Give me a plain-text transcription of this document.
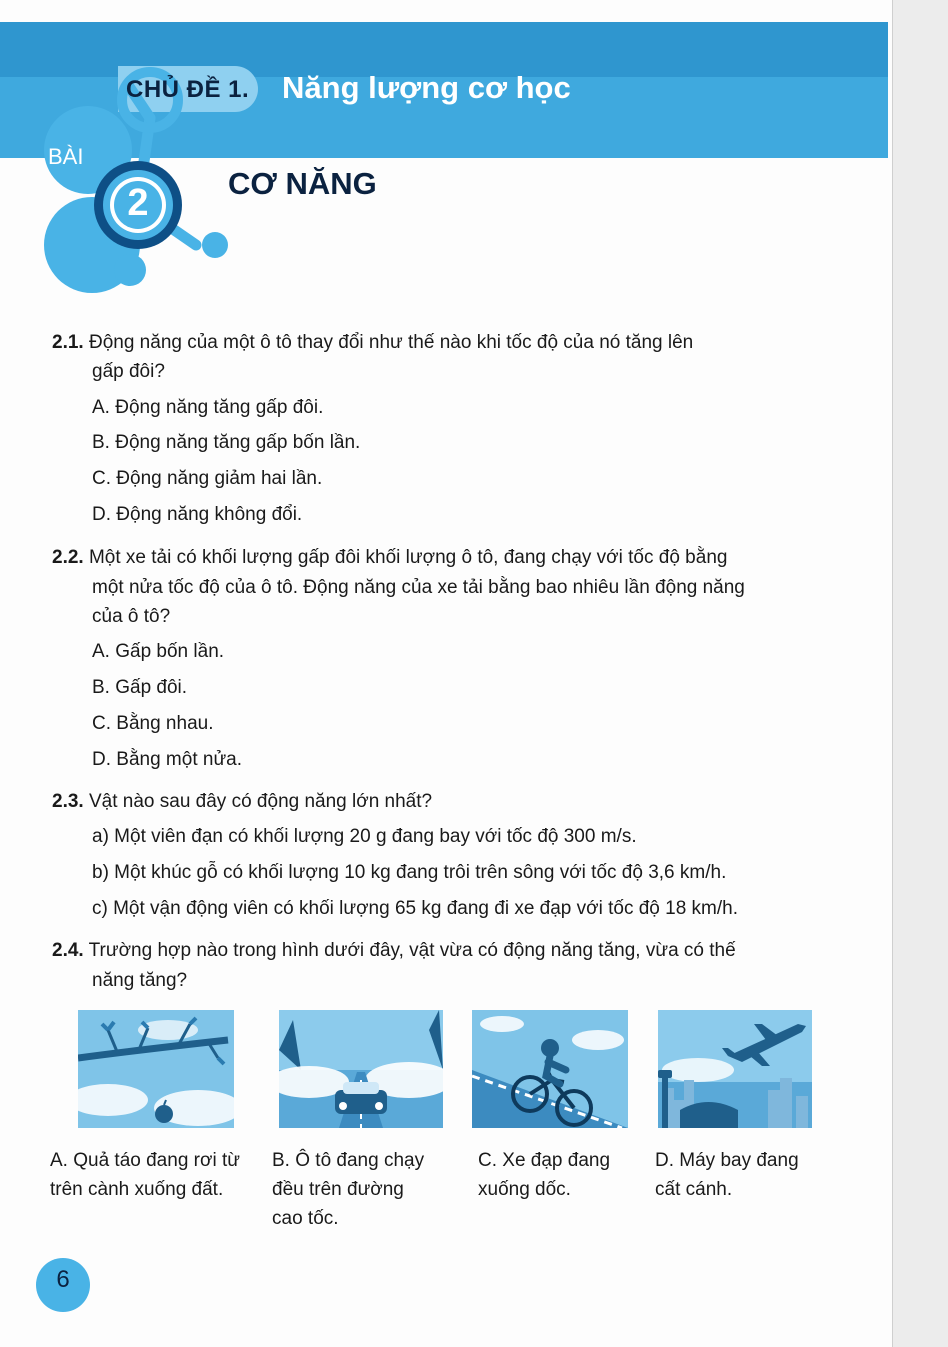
BÀI
2
CHỦ ĐỀ 1. Năng lượng cơ học
CƠ NĂNG
2.1. Động năng của một ô tô thay đổi như thế nào khi tốc độ của nó tăng lên
gấp đôi?
A. Động năng tăng gấp đôi.
B. Động năng tăng gấp bốn lần.
C. Động năng giảm hai lần.
D. Động năng không đổi.
2.2. Một xe tải có khối lượng gấp đôi khối lượng ô tô, đang chạy với tốc độ bằng
một nửa tốc độ của ô tô. Động năng của xe tải bằng bao nhiêu lần động năng
của ô tô?
A. Gấp bốn lần.
B. Gấp đôi.
C. Bằng nhau.
D. Bằng một nửa.
2.3. Vật nào sau đây có động năng lớn nhất?
a) Một viên đạn có khối lượng 20 g đang bay với tốc độ 300 m/s.
b) Một khúc gỗ có khối lượng 10 kg đang trôi trên sông với tốc độ 3,6 km/h.
c) Một vận động viên có khối lượng 65 kg đang đi xe đạp với tốc độ 18 km/h.
2.4. Trường hợp nào trong hình dưới đây, vật vừa có động năng tăng, vừa có thế
năng tăng?
A. Quả táo đang rơi từ
trên cành xuống đất.
B. Ô tô đang chạy
đều trên đường
cao tốc.
C. Xe đạp đang
xuống dốc.
D. Máy bay đang
cất cánh.
6
